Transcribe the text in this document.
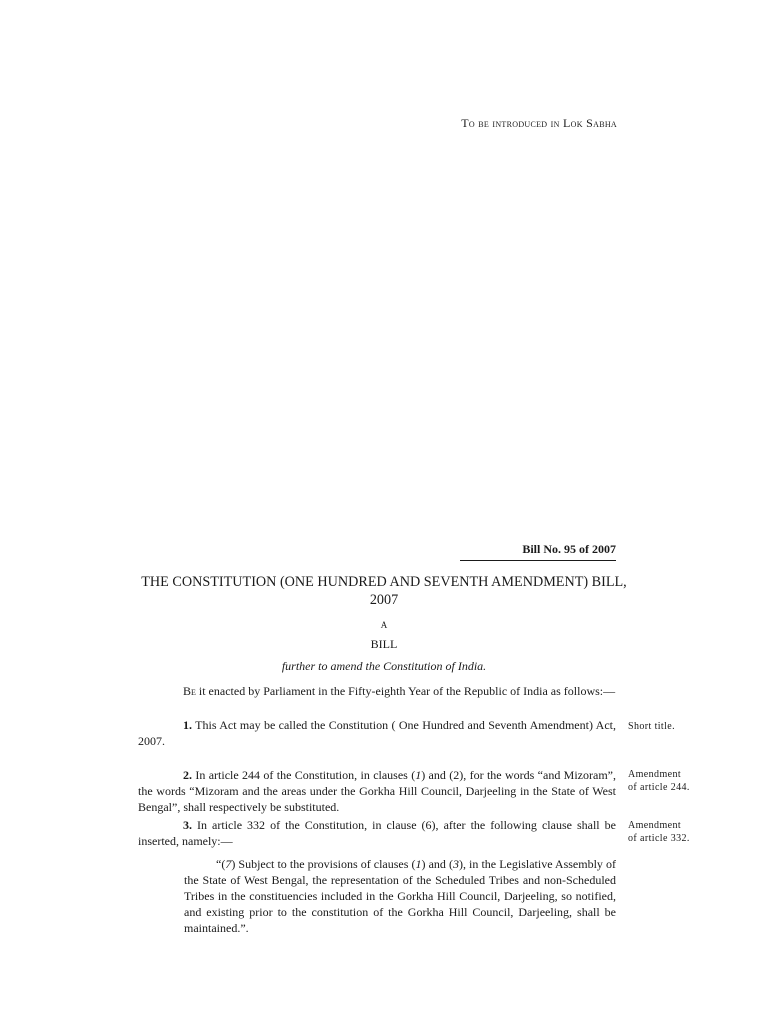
To be introduced in Lok Sabha
Bill No. 95 of 2007
THE CONSTITUTION (ONE HUNDRED AND SEVENTH AMENDMENT) BILL, 2007
A
BILL
further to amend the Constitution of India.
Be it enacted by Parliament in the Fifty-eighth Year of the Republic of India as follows:—
1. This Act may be called the Constitution ( One Hundred and Seventh Amendment) Act, 2007.
Short title.
2. In article 244 of the Constitution, in clauses (1) and (2), for the words “and Mizoram”, the words “Mizoram and the areas under the Gorkha Hill Council, Darjeeling in the State of West Bengal”, shall respectively be substituted.
Amendment
of article 244.
3. In article 332 of the Constitution, in clause (6), after the following clause shall be inserted, namely:—
Amendment
of article 332.
“(7) Subject to the provisions of clauses (1) and (3), in the Legislative Assembly of the State of West Bengal, the representation of the Scheduled Tribes and non-Scheduled Tribes in the constituencies included in the Gorkha Hill Council, Darjeeling, so notified, and existing prior to the constitution of the Gorkha Hill Council, Darjeeling, shall be maintained.”.
